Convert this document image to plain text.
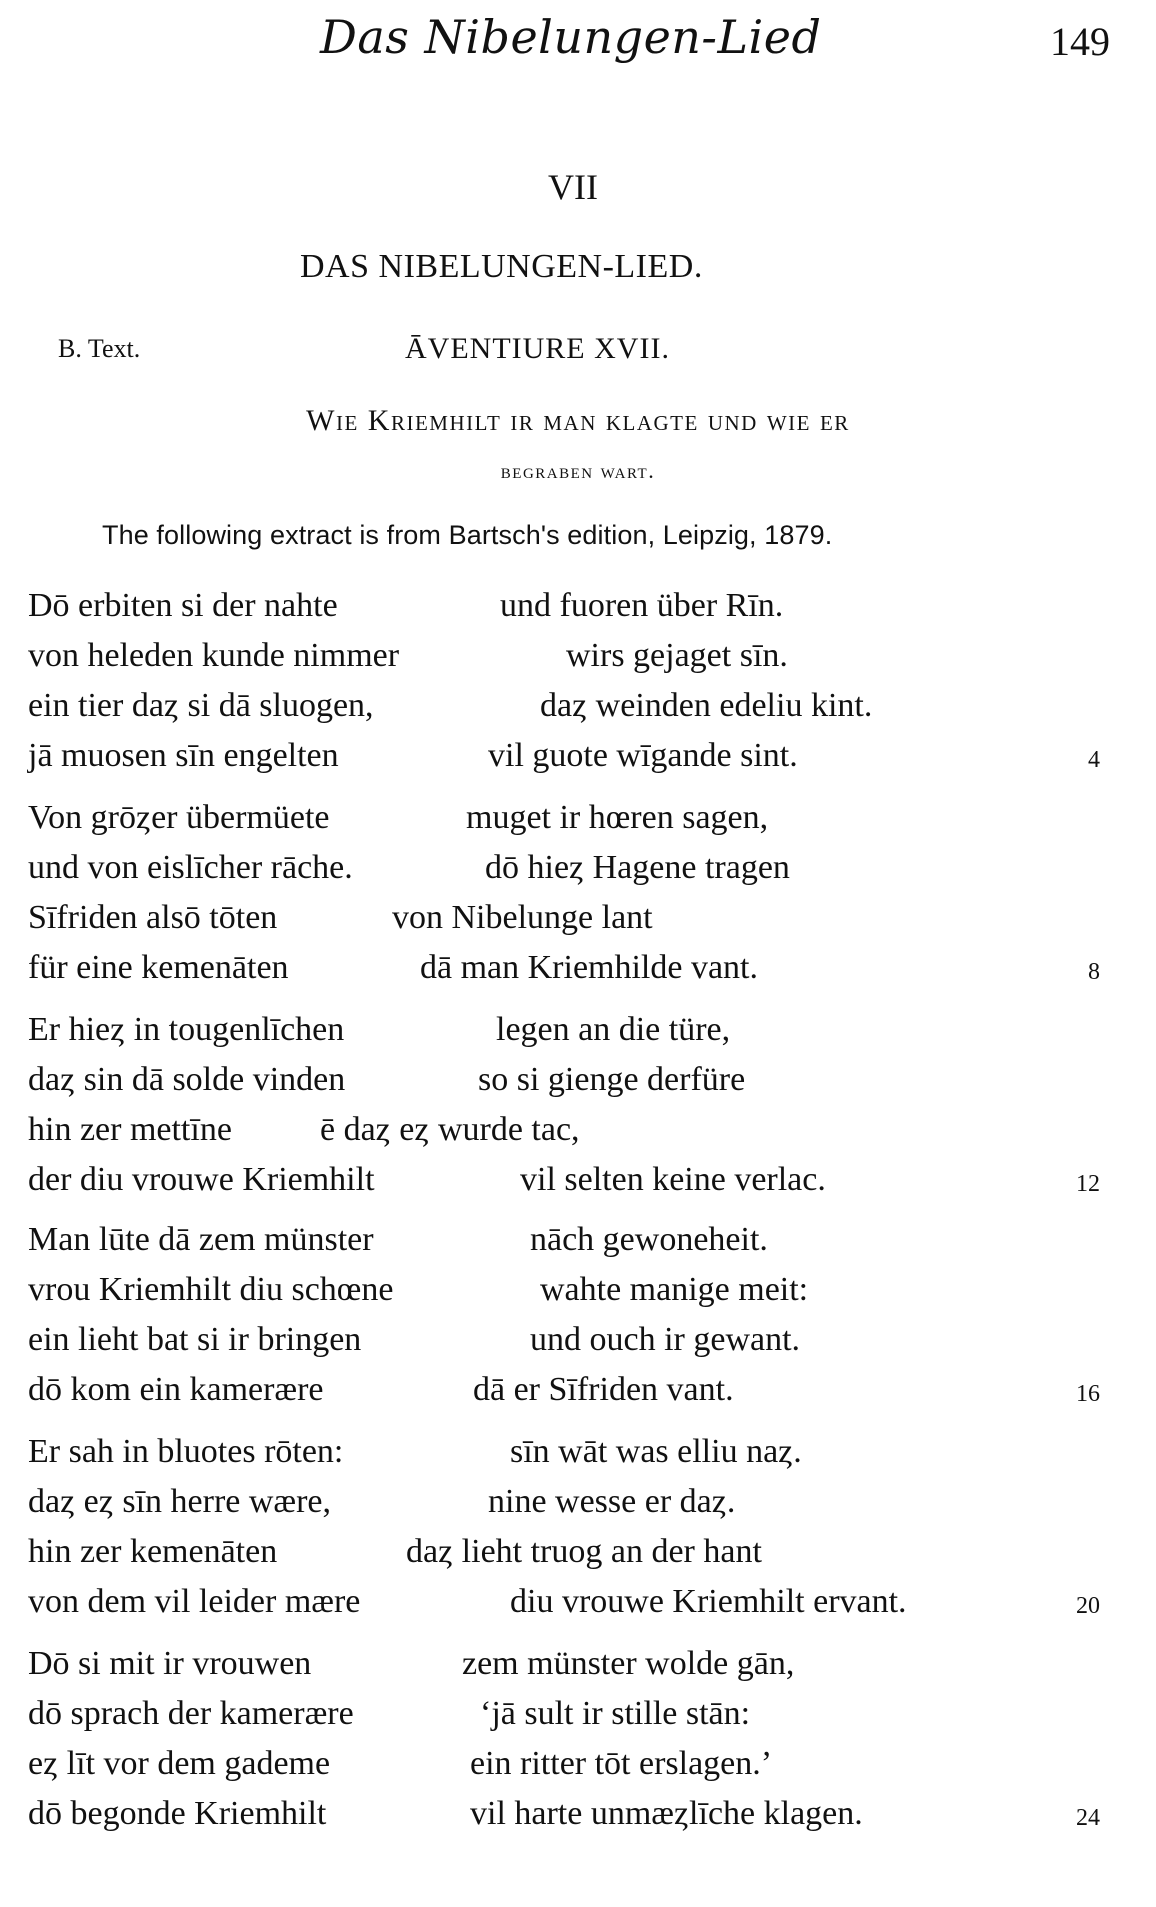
Das Nibelungen-Lied	149
VII
DAS NIBELUNGEN-LIED.
B. Text.	ĀVENTIURE XVII.
Wie Kriemhilt ir man klagte und wie er
begraben wart.
The following extract is from Bartsch's edition, Leipzig, 1879.
Dō erbiten si der nahte	und fuoren über Rīn.
von heleden kunde nimmer	wirs gejaget sīn.
ein tier daȥ si dā sluogen,	daȥ weinden edeliu kint.
jā muosen sīn engelten	vil guote wīgande sint.	4
Von grōȥer übermüete	muget ir hœren sagen,
und von eislīcher rāche.	dō hieȥ Hagene tragen
Sīfriden alsō tōten	von Nibelunge lant
für eine kemenāten	dā man Kriemhilde vant.	8
Er hieȥ in tougenlīchen	legen an die türe,
daȥ sin dā solde vinden	so si gienge derfüre
hin zer mettīne	ē daȥ eȥ wurde tac,
der diu vrouwe Kriemhilt	vil selten keine verlac.	12
Man lūte dā zem münster	nāch gewoneheit.
vrou Kriemhilt diu schœne	wahte manige meit:
ein lieht bat si ir bringen	und ouch ir gewant.
dō kom ein kamerære	dā er Sīfriden vant.	16
Er sah in bluotes rōten:	sīn wāt was elliu naȥ.
daȥ eȥ sīn herre wære,	nine wesse er daȥ.
hin zer kemenāten	daȥ lieht truog an der hant
von dem vil leider mære	diu vrouwe Kriemhilt ervant.	20
Dō si mit ir vrouwen	zem münster wolde gān,
dō sprach der kamerære	‘jā sult ir stille stān:
eȥ līt vor dem gademe	ein ritter tōt erslagen.’
dō begonde Kriemhilt	vil harte unmæȥlīche klagen.	24
